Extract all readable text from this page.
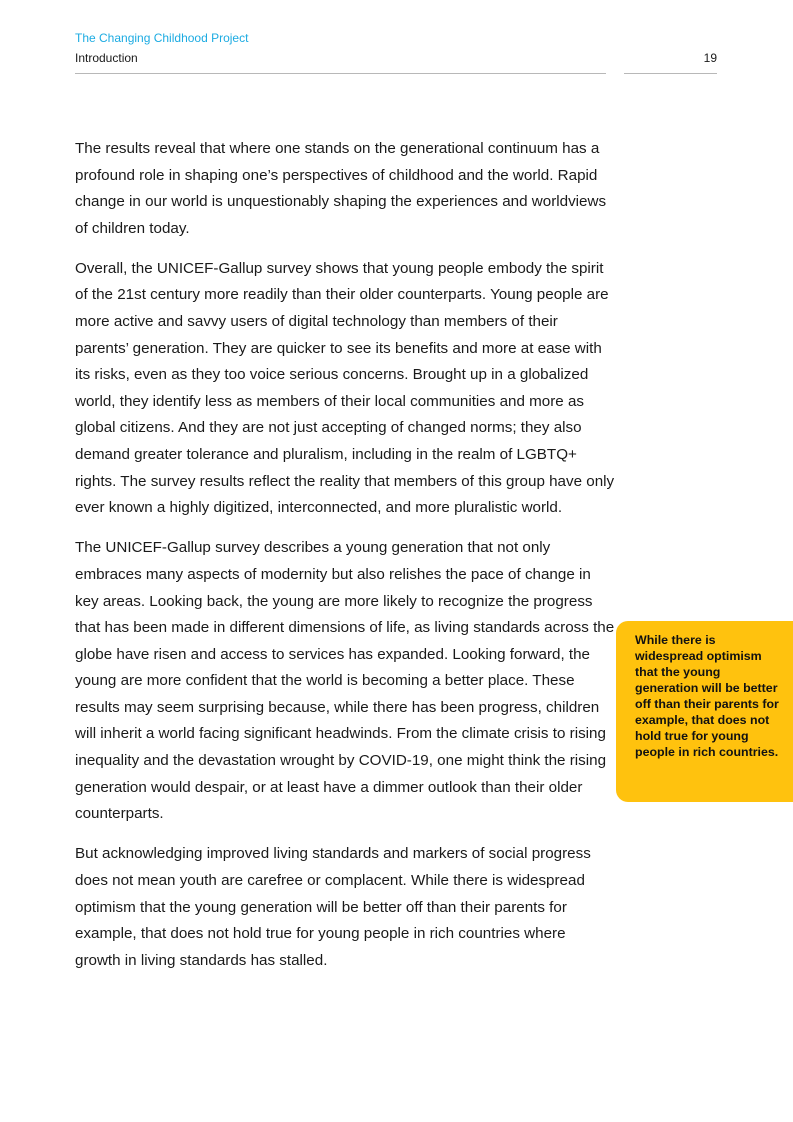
The Changing Childhood Project
Introduction	19

The results reveal that where one stands on the generational continuum has a profound role in shaping one’s perspectives of childhood and the world. Rapid change in our world is unquestionably shaping the experiences and worldviews of children today.

Overall, the UNICEF-Gallup survey shows that young people embody the spirit of the 21st century more readily than their older counterparts. Young people are more active and savvy users of digital technology than members of their parents’ generation. They are quicker to see its benefits and more at ease with its risks, even as they too voice serious concerns. Brought up in a globalized world, they identify less as members of their local communities and more as global citizens. And they are not just accepting of changed norms; they also demand greater tolerance and pluralism, including in the realm of LGBTQ+ rights. The survey results reflect the reality that members of this group have only ever known a highly digitized, interconnected, and more pluralistic world.

The UNICEF-Gallup survey describes a young generation that not only embraces many aspects of modernity but also relishes the pace of change in key areas. Looking back, the young are more likely to recognize the progress that has been made in different dimensions of life, as living standards across the globe have risen and access to services has expanded. Looking forward, the young are more confident that the world is becoming a better place. These results may seem surprising because, while there has been progress, children will inherit a world facing significant headwinds. From the climate crisis to rising inequality and the devastation wrought by COVID-19, one might think the rising generation would despair, or at least have a dimmer outlook than their older counterparts.

But acknowledging improved living standards and markers of social progress does not mean youth are carefree or complacent. While there is widespread optimism that the young generation will be better off than their parents for example, that does not hold true for young people in rich countries where growth in living standards has stalled.

While there is widespread optimism that the young generation will be better off than their parents for example, that does not hold true for young people in rich countries.
